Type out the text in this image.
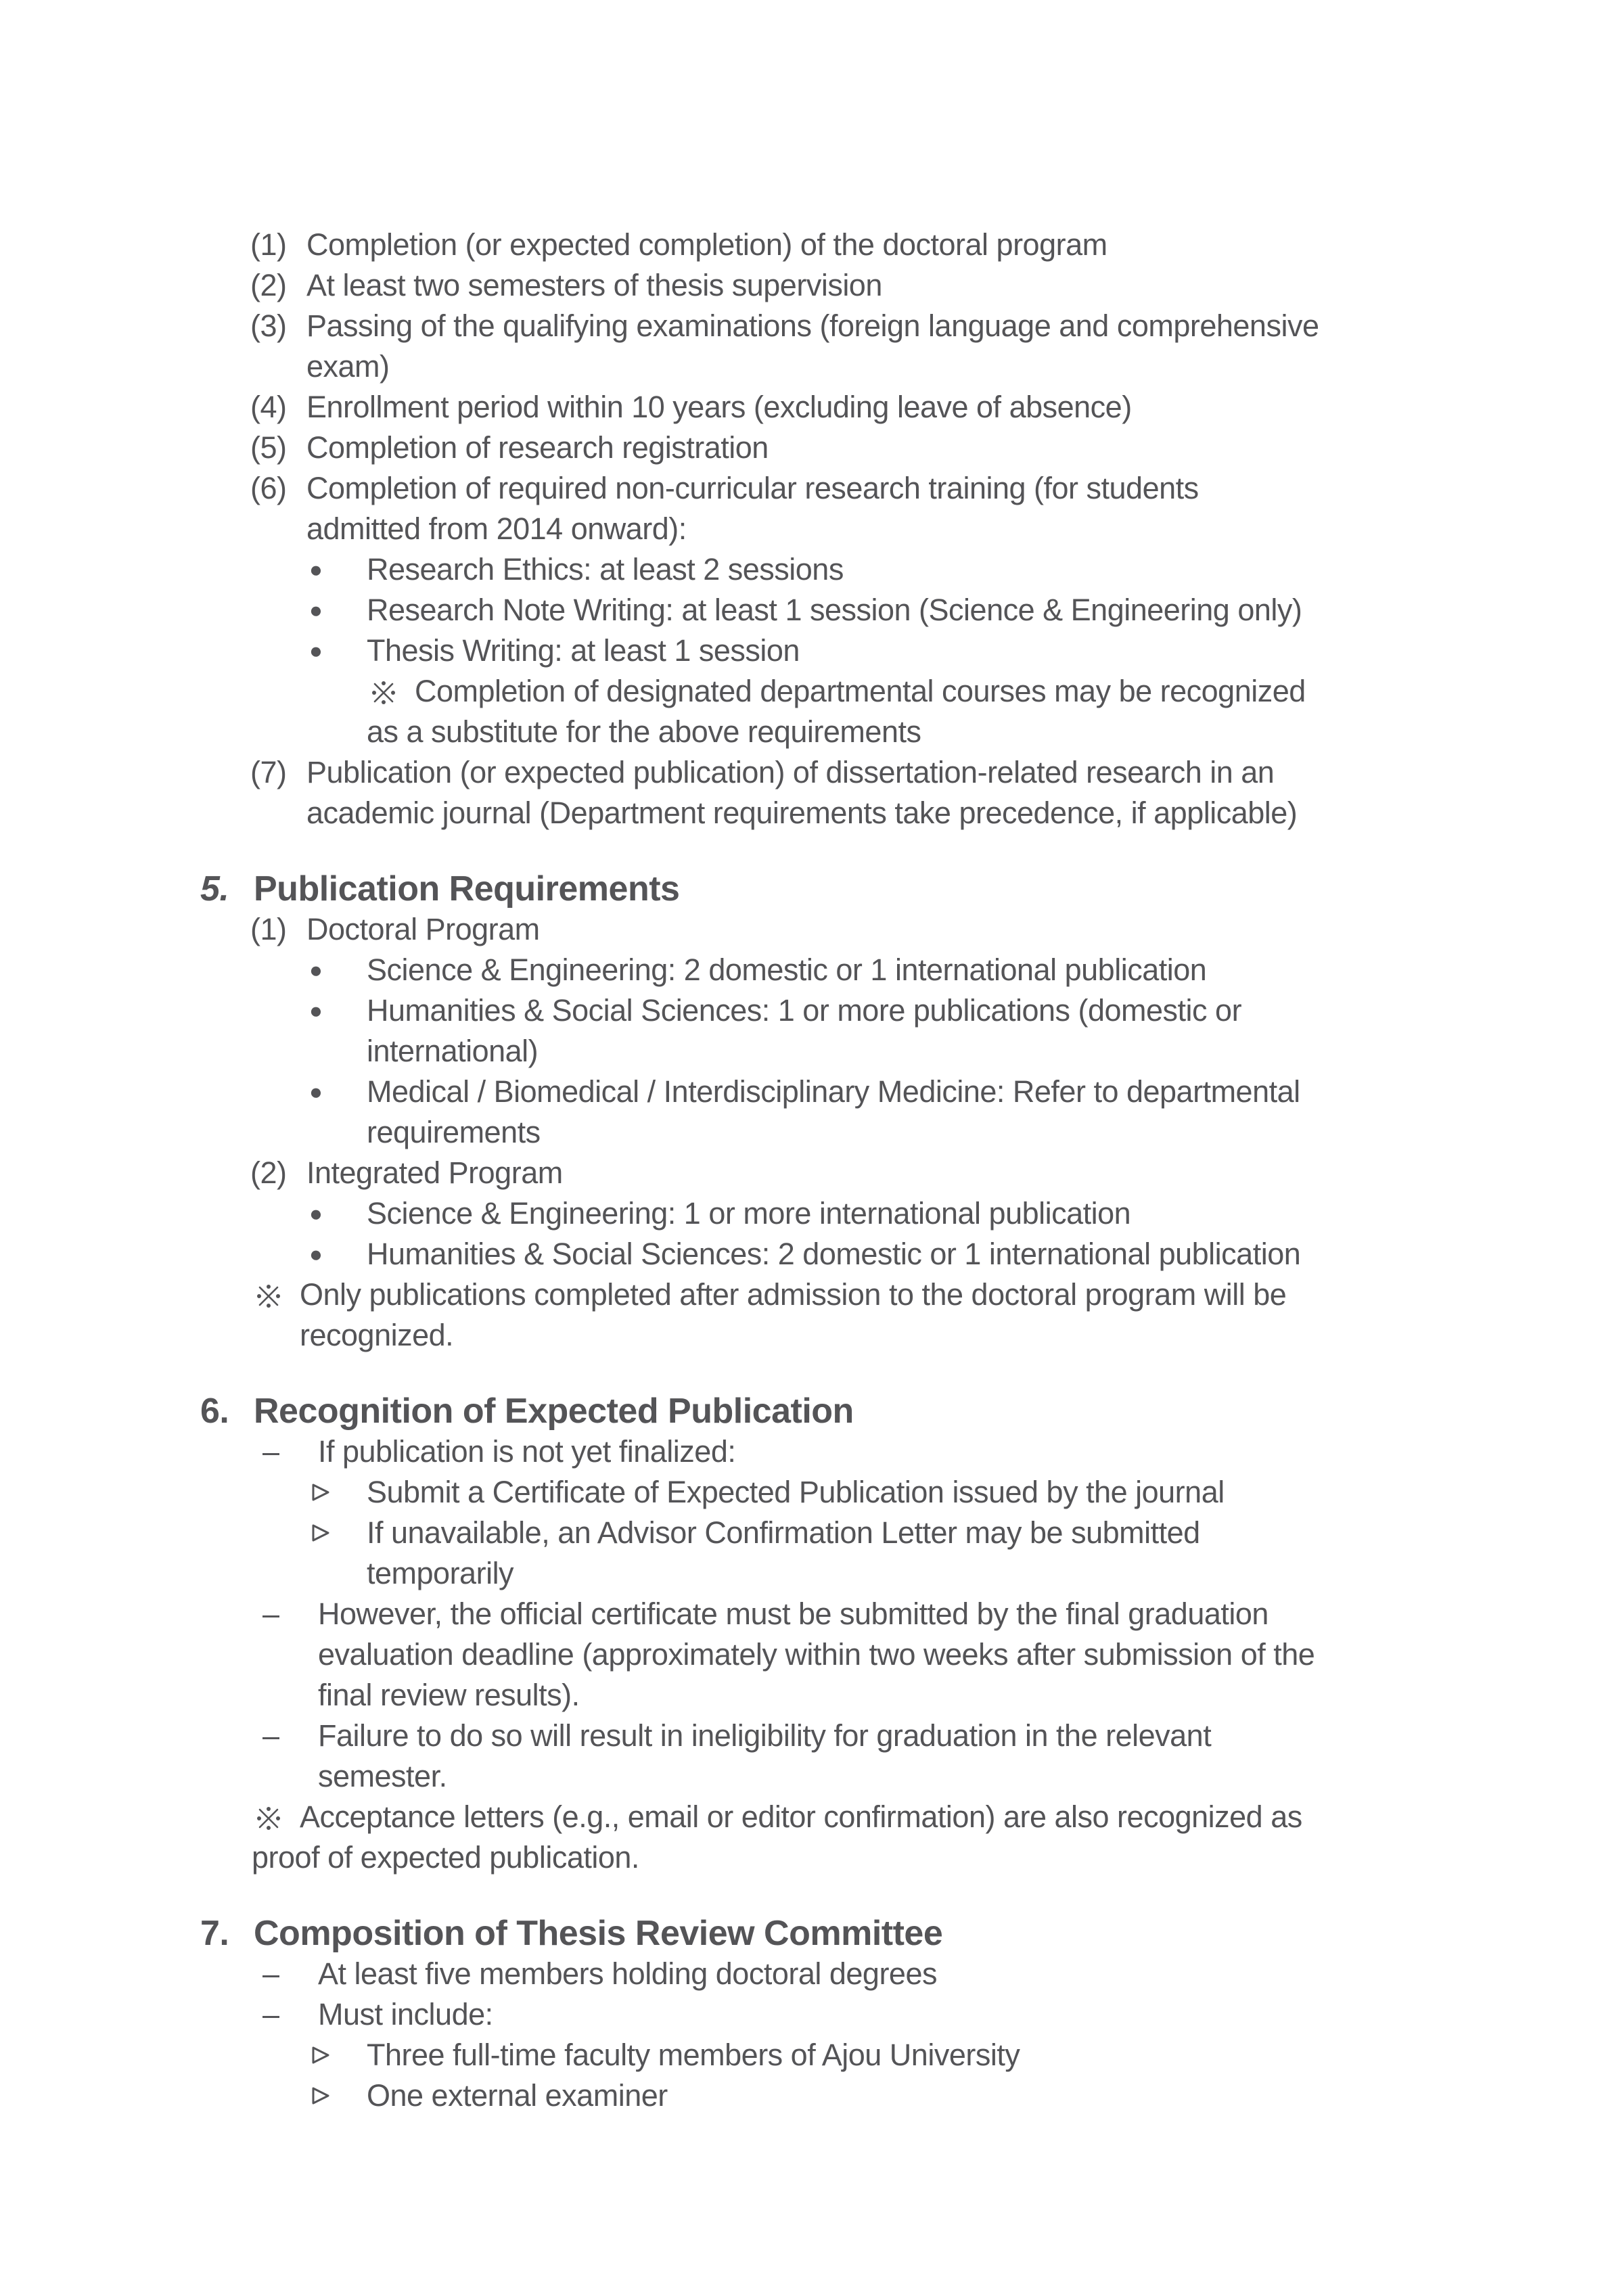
(1) Completion (or expected completion) of the doctoral program
(2) At least two semesters of thesis supervision
(3) Passing of the qualifying examinations (foreign language and comprehensive
exam)
(4) Enrollment period within 10 years (excluding leave of absence)
(5) Completion of research registration
(6) Completion of required non-curricular research training (for students
admitted from 2014 onward):
●	Research Ethics: at least 2 sessions
●	Research Note Writing: at least 1 session (Science & Engineering only)
●	Thesis Writing: at least 1 session
Completion of designated departmental courses may be recognized
as a substitute for the above requirements
(7) Publication (or expected publication) of dissertation-related research in an
academic journal (Department requirements take precedence, if applicable)
5. Publication Requirements
(1) Doctoral Program
●	Science & Engineering: 2 domestic or 1 international publication
●	Humanities & Social Sciences: 1 or more publications (domestic or
international)
●	Medical / Biomedical / Interdisciplinary Medicine: Refer to departmental
requirements
(2) Integrated Program
●	Science & Engineering: 1 or more international publication
●	Humanities & Social Sciences: 2 domestic or 1 international publication
Only publications completed after admission to the doctoral program will be
recognized.
6. Recognition of Expected Publication
–	If publication is not yet finalized:
Submit a Certificate of Expected Publication issued by the journal
If unavailable, an Advisor Confirmation Letter may be submitted
temporarily
–	However, the official certificate must be submitted by the final graduation
evaluation deadline (approximately within two weeks after submission of the
final review results).
–	Failure to do so will result in ineligibility for graduation in the relevant
semester.
Acceptance letters (e.g., email or editor confirmation) are also recognized as
proof of expected publication.
7. Composition of Thesis Review Committee
–	At least five members holding doctoral degrees
–	Must include:
Three full-time faculty members of Ajou University
One external examiner
